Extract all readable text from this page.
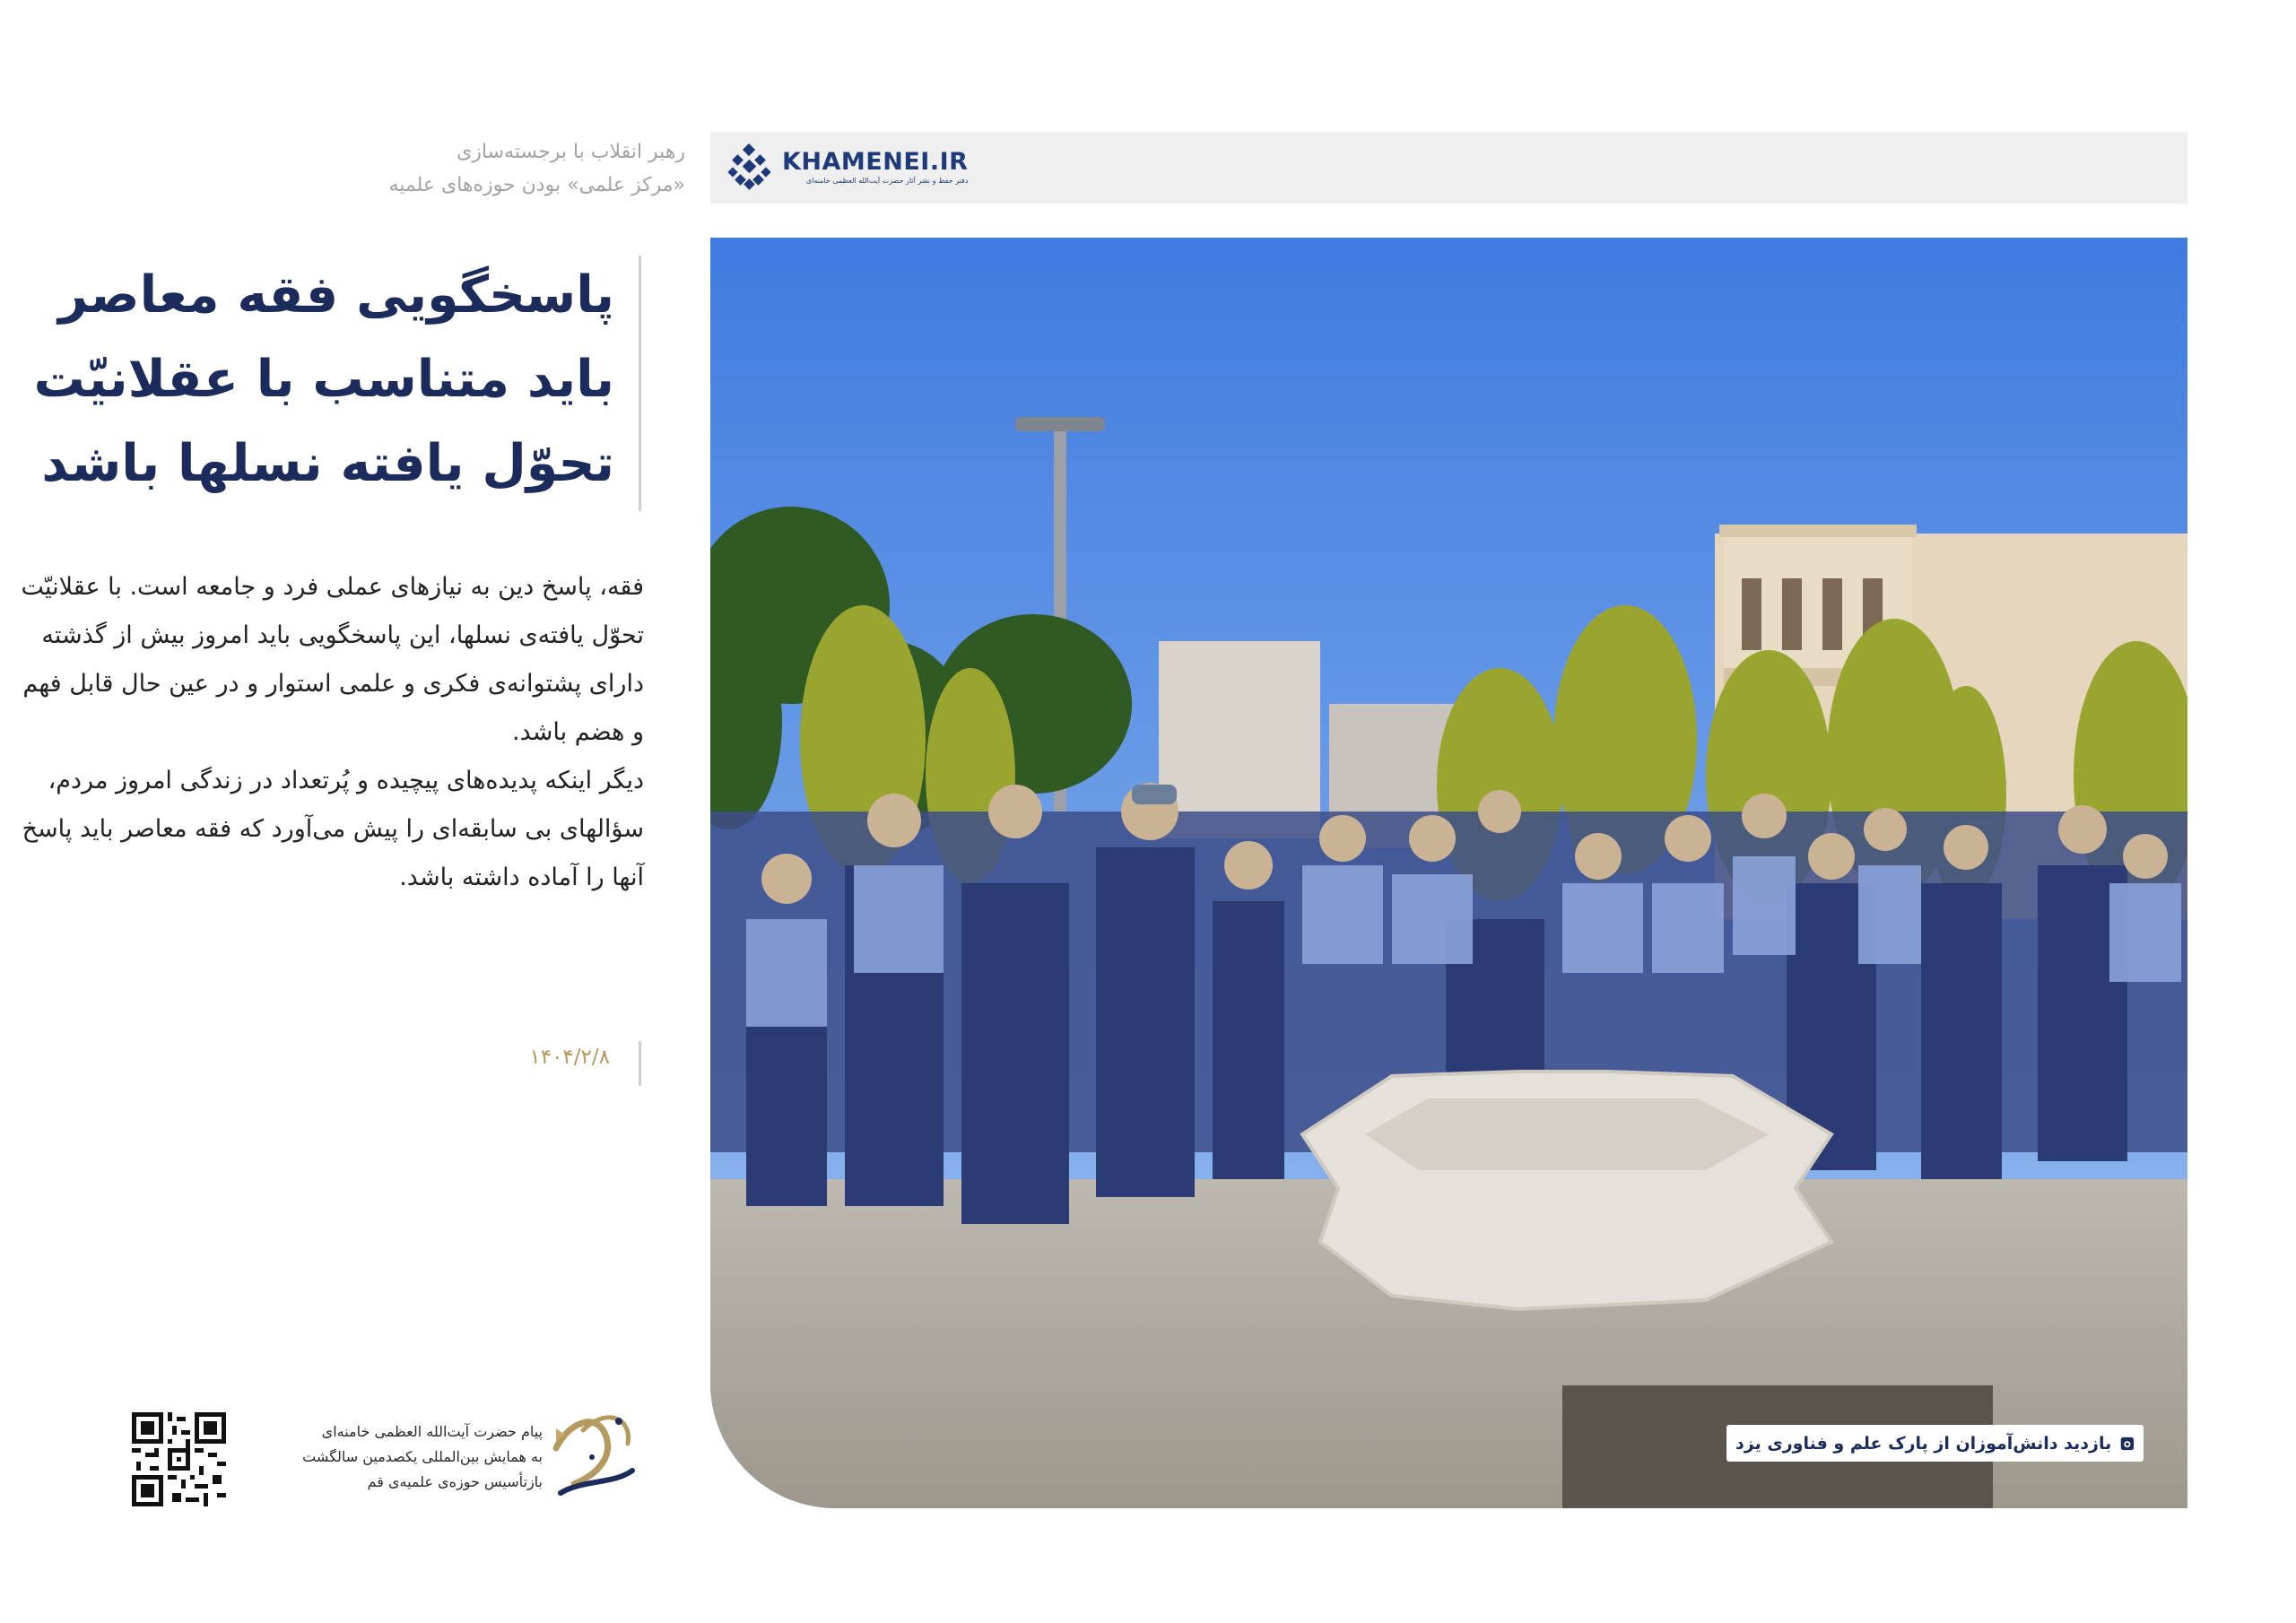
KHAMENEI.IR
دفتر حفظ و نشر آثار حضرت آیت‌الله العظمی خامنه‌ای
رهبر انقلاب با برجسته‌سازی
«مرکز علمی» بودن حوزه‌های علمیه
پاسخگویی فقه معاصر
باید متناسب با عقلانیّت
تحوّل یافته نسلها باشد

فقه، پاسخ دین به نیازهای عملی فرد و جامعه است. با عقلانیّت تحوّل یافته‌ی نسلها، این پاسخگویی باید امروز بیش از گذشته دارای پشتوانه‌ی فکری و علمی استوار و در عین حال قابل فهم و هضم باشد.

دیگر اینکه پدیده‌های پیچیده و پُرتعداد در زندگی امروز مردم، سؤالهای بی سابقه‌ای را پیش می‌آورد که فقه معاصر باید پاسخ آنها را آماده داشته باشد.

۱۴۰۴/۲/۸
بازدید دانش‌آموزان از پارک علم و فناوری یزد
پیام حضرت آیت‌الله العظمی خامنه‌ای
به همایش بین‌المللی یکصدمین سالگشت
بازتأسیس حوزه‌ی علمیه‌ی قم
